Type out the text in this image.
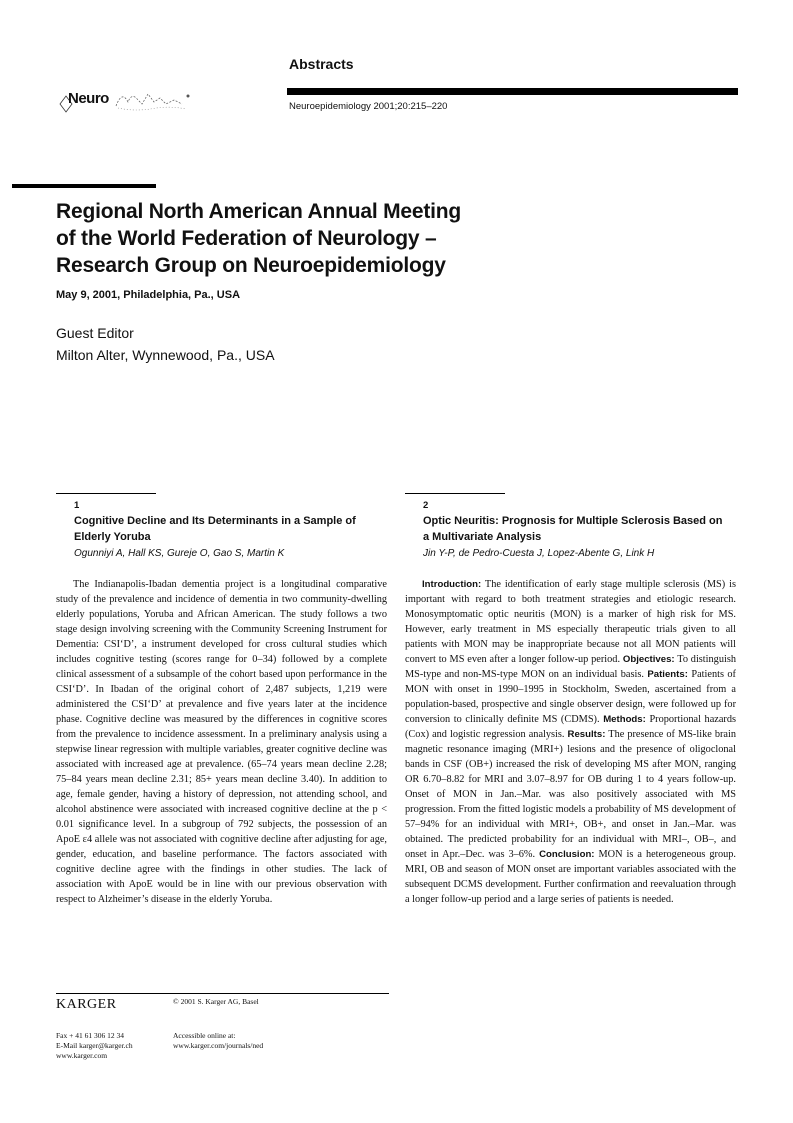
Abstracts
Neuroepidemiology 2001;20:215–220
Neuro
Regional North American Annual Meeting
of the World Federation of Neurology –
Research Group on Neuroepidemiology
May 9, 2001, Philadelphia, Pa., USA
Guest Editor
Milton Alter, Wynnewood, Pa., USA
1
Cognitive Decline and Its Determinants in a Sample of Elderly Yoruba
Ogunniyi A, Hall KS, Gureje O, Gao S, Martin K

The Indianapolis-Ibadan dementia project is a longitudinal comparative study of the prevalence and incidence of dementia in two community-dwelling elderly populations, Yoruba and African American. The study follows a two stage design involving screening with the Community Screening Instrument for Dementia: CSI‘D’, a instrument developed for cross cultural studies which includes cognitive testing (scores range for 0–34) followed by a complete clinical assessment of a subsample of the cohort based upon performance in the CSI‘D’. In Ibadan of the original cohort of 2,487 subjects, 1,219 were administered the CSI‘D’ at prevalence and five years later at the incidence phase. Cognitive decline was measured by the differences in cognitive scores from the prevalence to incidence assessment. In a preliminary analysis using a stepwise linear regression with multiple variables, greater cognitive decline was associated with increased age at prevalence. (65–74 years mean decline 2.28; 75–84 years mean decline 2.31; 85+ years mean decline 3.40). In addition to age, female gender, having a history of depression, not attending school, and alcohol abstinence were associated with increased cognitive decline at the p < 0.01 significance level. In a subgroup of 792 subjects, the possession of an ApoE ε4 allele was not associated with cognitive decline after adjusting for age, gender, education, and baseline performance. The factors associated with cognitive decline agree with the findings in other studies. The lack of association with ApoE would be in line with our previous observation with respect to Alzheimer’s disease in the elderly Yoruba.

2
Optic Neuritis: Prognosis for Multiple Sclerosis Based on a Multivariate Analysis
Jin Y-P, de Pedro-Cuesta J, Lopez-Abente G, Link H

Introduction: The identification of early stage multiple sclerosis (MS) is important with regard to both treatment strategies and etiologic research. Monosymptomatic optic neuritis (MON) is a marker of high risk for MS. However, early treatment in MS especially therapeutic trials given to all patients with MON may be inappropriate because not all MON patients will convert to MS even after a longer follow-up period. Objectives: To distinguish MS-type and non-MS-type MON on an individual basis. Patients: Patients of MON with onset in 1990–1995 in Stockholm, Sweden, ascertained from a population-based, prospective and single observer design, were followed up for conversion to clinically definite MS (CDMS). Methods: Proportional hazards (Cox) and logistic regression analysis. Results: The presence of MS-like brain magnetic resonance imaging (MRI+) lesions and the presence of oligoclonal bands in CSF (OB+) increased the risk of developing MS after MON, ranging OR 6.70–8.82 for MRI and 3.07–8.97 for OB during 1 to 4 years follow-up. Onset of MON in Jan.–Mar. was also positively associated with MS progression. From the fitted logistic models a probability of MS development of 57–94% for an individual with MRI+, OB+, and onset in Jan.–Mar. was obtained. The predicted probability for an individual with MRI–, OB–, and onset in Apr.–Dec. was 3–6%. Conclusion: MON is a heterogeneous group. MRI, OB and season of MON onset are important variables associated with the subsequent DCMS development. Further confirmation and reevaluation through a longer follow-up period and a large series of patients is needed.

KARGER	© 2001 S. Karger AG, Basel
Fax + 41 61 306 12 34
E-Mail karger@karger.ch
www.karger.com
Accessible online at:
www.karger.com/journals/ned
